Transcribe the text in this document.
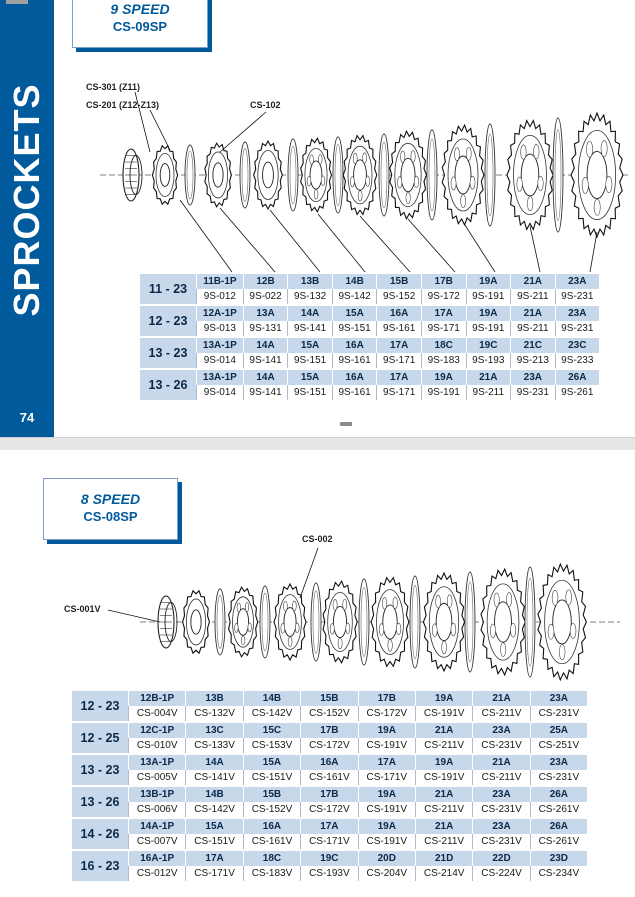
SPROCKETS
74
9 SPEED
CS-09SP
CS-301 (Z11)
CS-201 (Z12-Z13)	CS-102
11 - 23	11B-1P	12B	13B	14B	15B	17B	19A	21A	23A
	9S-012	9S-022	9S-132	9S-142	9S-152	9S-172	9S-191	9S-211	9S-231
12 - 23	12A-1P	13A	14A	15A	16A	17A	19A	21A	23A
	9S-013	9S-131	9S-141	9S-151	9S-161	9S-171	9S-191	9S-211	9S-231
13 - 23	13A-1P	14A	15A	16A	17A	18C	19C	21C	23C
	9S-014	9S-141	9S-151	9S-161	9S-171	9S-183	9S-193	9S-213	9S-233
13 - 26	13A-1P	14A	15A	16A	17A	19A	21A	23A	26A
	9S-014	9S-141	9S-151	9S-161	9S-171	9S-191	9S-211	9S-231	9S-261
8 SPEED
CS-08SP
CS-002
CS-001V
12 - 23	12B-1P	13B	14B	15B	17B	19A	21A	23A
	CS-004V	CS-132V	CS-142V	CS-152V	CS-172V	CS-191V	CS-211V	CS-231V
12 - 25	12C-1P	13C	15C	17B	19A	21A	23A	25A
	CS-010V	CS-133V	CS-153V	CS-172V	CS-191V	CS-211V	CS-231V	CS-251V
13 - 23	13A-1P	14A	15A	16A	17A	19A	21A	23A
	CS-005V	CS-141V	CS-151V	CS-161V	CS-171V	CS-191V	CS-211V	CS-231V
13 - 26	13B-1P	14B	15B	17B	19A	21A	23A	26A
	CS-006V	CS-142V	CS-152V	CS-172V	CS-191V	CS-211V	CS-231V	CS-261V
14 - 26	14A-1P	15A	16A	17A	19A	21A	23A	26A
	CS-007V	CS-151V	CS-161V	CS-171V	CS-191V	CS-211V	CS-231V	CS-261V
16 - 23	16A-1P	17A	18C	19C	20D	21D	22D	23D
	CS-012V	CS-171V	CS-183V	CS-193V	CS-204V	CS-214V	CS-224V	CS-234V
